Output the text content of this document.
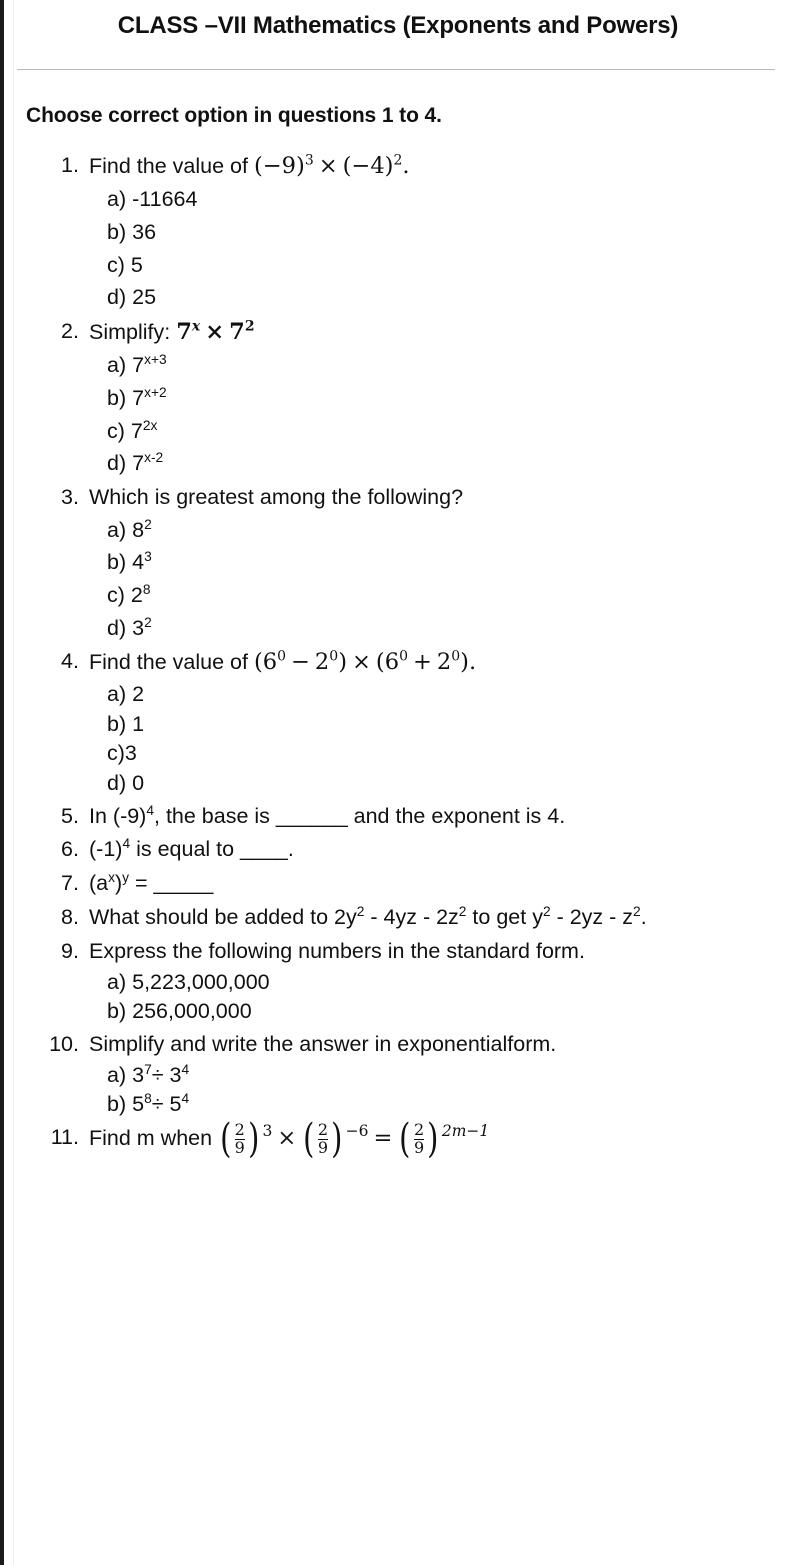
CLASS –VII Mathematics (Exponents and Powers)

Choose correct option in questions 1 to 4.

Find the value of $(-9)^3 \times (-4)^2$.
a) -11664
b) 36
c) 5
d) 25
Simplify: $7^x \times 7^2$
a) $7^{x+3}$
b) $7^{x+2}$
c) $7^{2x}$
d) 7$^{x-2}$
Which is greatest among the following?
a) $8^2$
b) $4^3$
c) $2^8$
d) $3^2$
Find the value of $(6^0 - 2^0) \times (6^0 + 2^0)$.
a) 2
b) 1
c)3
d) 0
In $(-9)^4$, the base is ______ and the exponent is 4.
$(-1)^4$ is equal to ____.
$(a^x)^y$ = _____
What should be added to $2y^2 - 4yz - 2z^2$ to get $y^2 - 2yz - z^2$.
Express the following numbers in the standard form.
a) 5,223,000,000
b) 256,000,000
Simplify and write the answer in exponentialform.
a) $3^7\div 3^4$
b) $5^8\div 5^4$
Find m when ( $\frac{2}{9}$ ) 3 × ( $\frac{2}{9}$ ) −6 = ( $\frac{2}{9}$ ) 2m−1
